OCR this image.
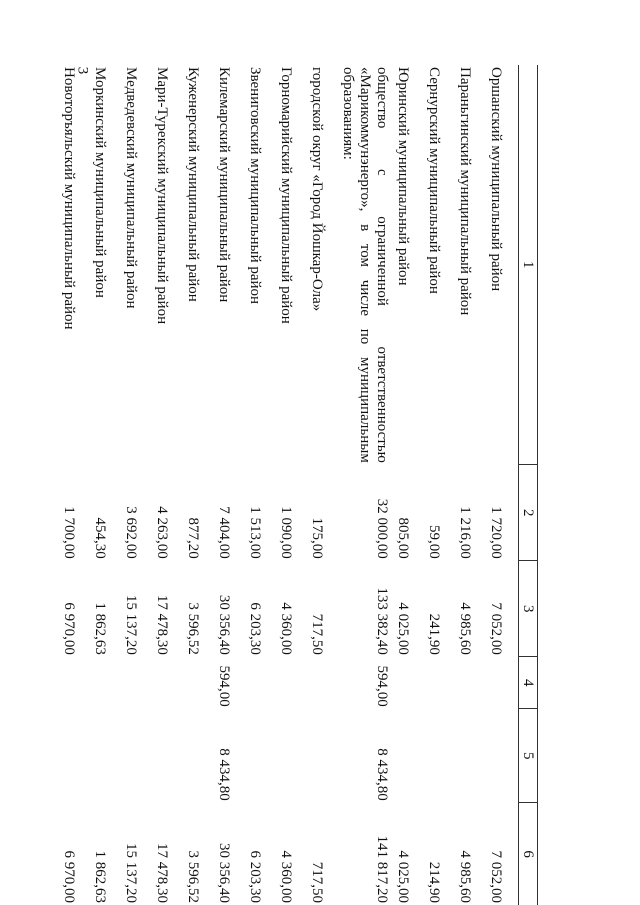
3
1	2	3	4	5	6
Оршанский муниципальный район	1 720,00	7 052,00			7 052,00
Параньгинский муниципальный район	1 216,00	4 985,60			4 985,60
Сернурский муниципальный район	59,00	241,90			214,90
Юринский муниципальный район	805,00	4 025,00			4 025,00
общество с ограниченной ответственностью «Марикоммунэнерго», в том числе по муниципальным образованиям:	32 000,00	133 382,40	594,00	8 434,80	141 817,20
городской округ «Город Йошкар-Ола»	175,00	717,50			717,50
Горномарийский муниципальный район	1 090,00	4 360,00			4 360,00
Звениговский муниципальный район	1 513,00	6 203,30			6 203,30
Килемарский муниципальный район	7 404,00	30 356,40	594,00	8 434,80	30 356,40
Куженерский муниципальный район	877,20	3 596,52			3 596,52
Мари-Турекский муниципальный район	4 263,00	17 478,30			17 478,30
Медведевский муниципальный район	3 692,00	15 137,20			15 137,20
Моркинский муниципальный район	454,30	1 862,63			1 862,63
Новоторъяльский муниципальный район	1 700,00	6 970,00			6 970,00
